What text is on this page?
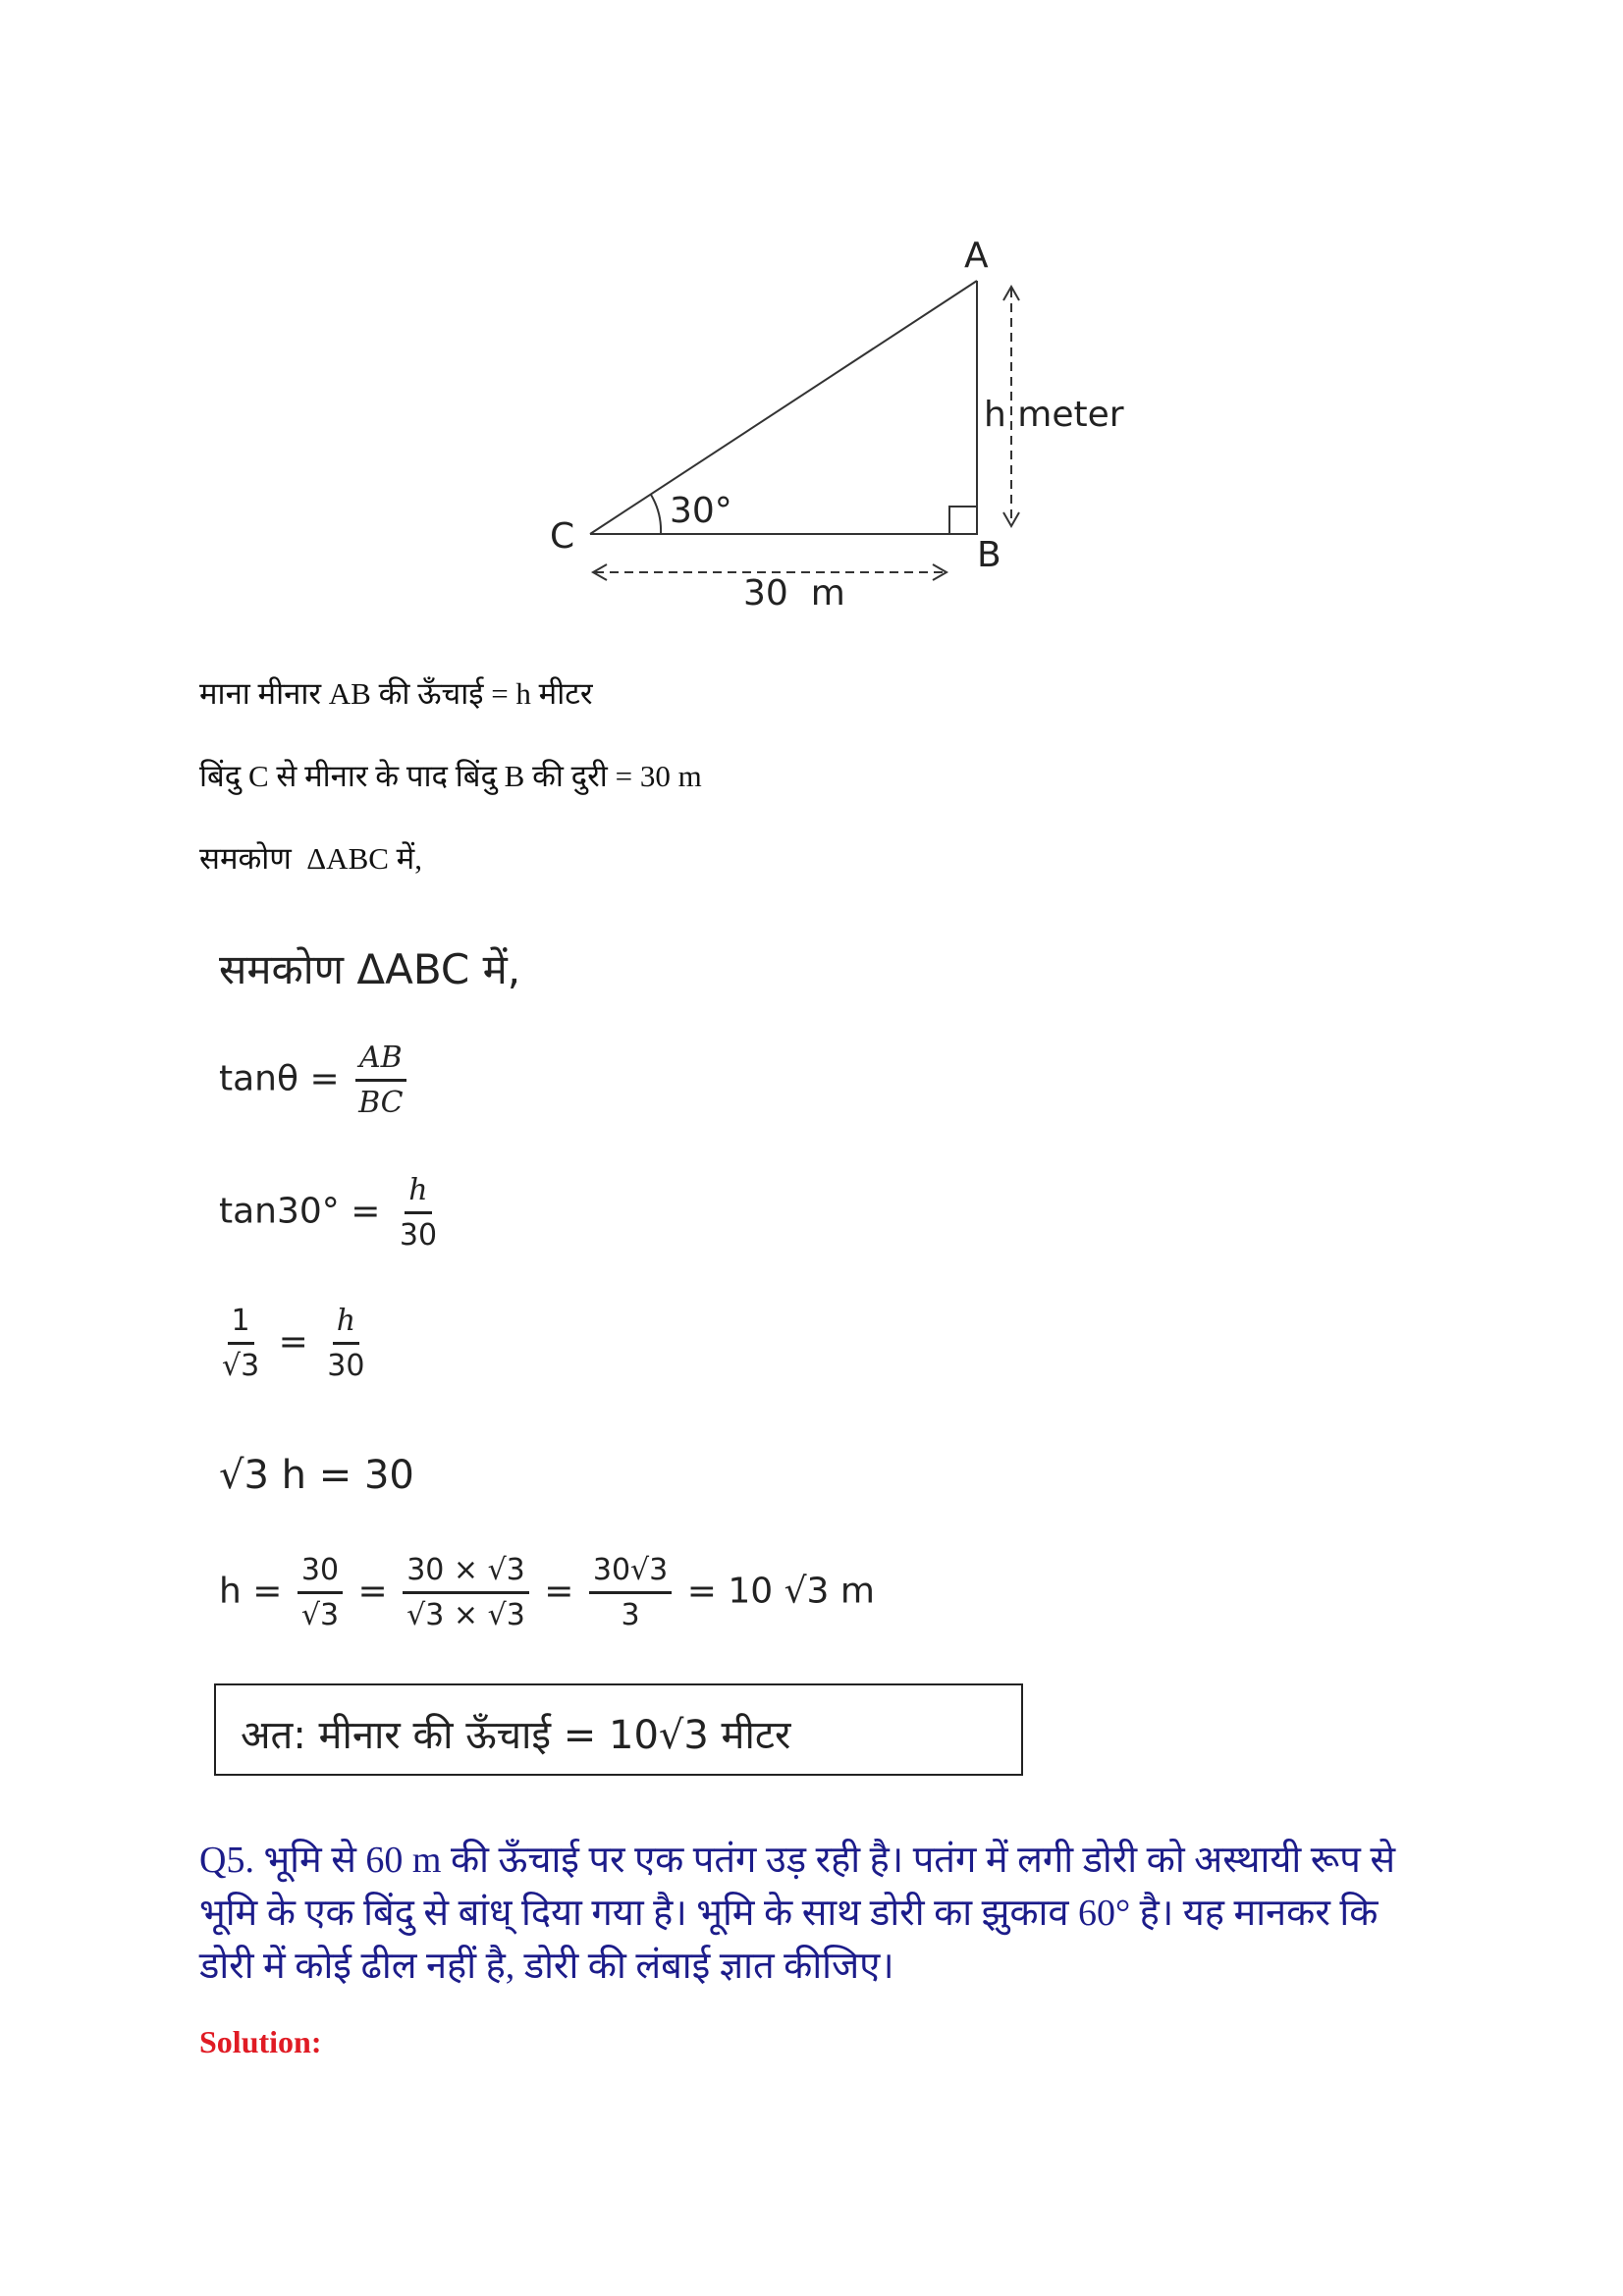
A
B
C
h meter
30°
30  m
माना मीनार AB की ऊँचाई = h मीटर
बिंदु C से मीनार के पाद बिंदु B की दुरी = 30 m
समकोण  ΔABC में,
समकोण ΔABC में,
$\tan\theta = \frac{AB}{BC}$
$\tan 30^\circ = \frac{h}{30}$
$\frac{1}{√3} = \frac{h}{30}$
√3 h = 30
$h = \frac{30}{√3} = \frac{30 \times √3}{√3 \times √3} = \frac{30√3}{3} = 10$ √3 m
अत: मीनार की ऊँचाई = 10√3 मीटर
Q5. भूमि से 60 m की ऊँचाई पर एक पतंग उड़ रही है। पतंग में लगी डोरी को अस्थायी रूप से भूमि के एक बिंदु से बांध् दिया गया है। भूमि के साथ डोरी का झुकाव 60° है। यह मानकर कि डोरी में कोई ढील नहीं है, डोरी की लंबाई ज्ञात कीजिए।
Solution:
